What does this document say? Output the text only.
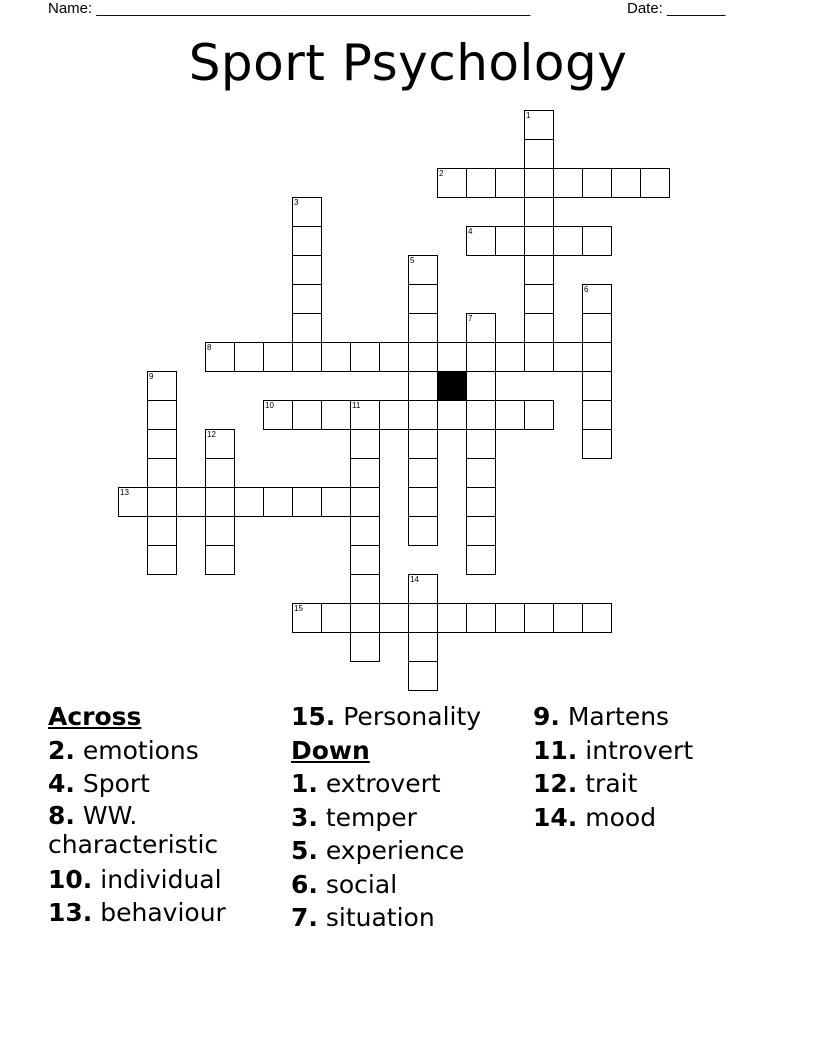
Name: ____________________________________________________	Date: _______
Sport Psychology
2
4
8
10	11
13
15
1
3
5
6
7
9
12
14
Across
2. emotions
4. Sport
8. WW. characteristic
10. individual
13. behaviour
15. Personality
Down
1. extrovert
3. temper
5. experience
6. social
7. situation
9. Martens
11. introvert
12. trait
14. mood
